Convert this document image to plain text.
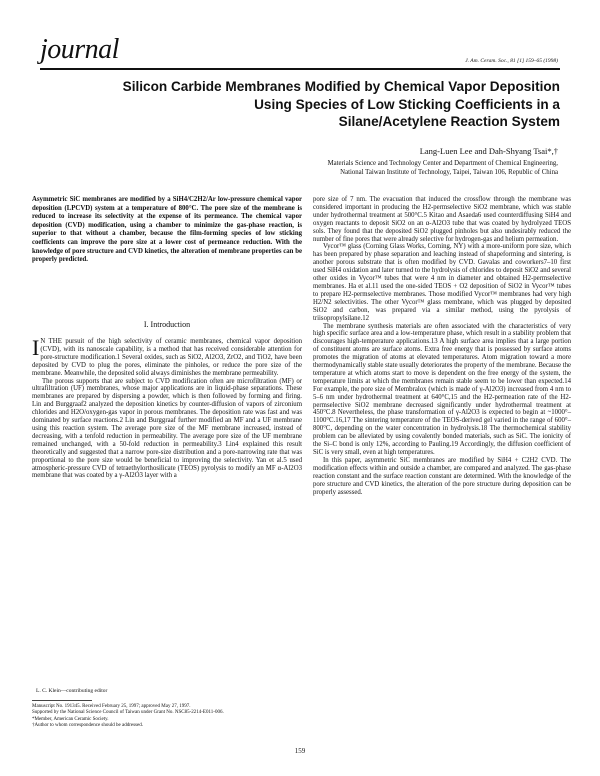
journal	J. Am. Ceram. Soc., 81 [1] 159–65 (1998)
Silicon Carbide Membranes Modified by Chemical Vapor Deposition
Using Species of Low Sticking Coefficients in a
Silane/Acetylene Reaction System
Lang-Luen Lee and Dah-Shyang Tsai*,†
Materials Science and Technology Center and Department of Chemical Engineering,
National Taiwan Institute of Technology, Taipei, Taiwan 106, Republic of China

Asymmetric SiC membranes are modified by a SiH4/C2H2/Ar low-pressure chemical vapor deposition (LPCVD) system at a temperature of 800°C. The pore size of the membrane is reduced to increase its selectivity at the expense of its permeance. The chemical vapor deposition (CVD) modification, using a chamber to minimize the gas-phase reaction, is superior to that without a chamber, because the film-forming species of low sticking coefficients can improve the pore size at a lower cost of permeance reduction. With the knowledge of pore structure and CVD kinetics, the alteration of membrane properties can be properly predicted.

I. Introduction

I N THE pursuit of the high selectivity of ceramic membranes, chemical vapor deposition (CVD), with its nanoscale capability, is a method that has received considerable attention for pore-structure modification.1 Several oxides, such as SiO2, Al2O3, ZrO2, and TiO2, have been deposited by CVD to plug the pores, eliminate the pinholes, or reduce the pore size of the membrane. Meanwhile, the deposited solid always diminishes the membrane permeability.

The porous supports that are subject to CVD modification often are microfiltration (MF) or ultrafiltration (UF) membranes, whose major applications are in liquid-phase separations. These membranes are prepared by dispersing a powder, which is then followed by forming and firing. Lin and Burggraaf2 analyzed the deposition kinetics by counter-diffusion of vapors of zirconium chlorides and H2O/oxygen-gas vapor in porous membranes. The deposition rate was fast and was dominated by surface reactions.2 Lin and Burggraaf further modified an MF and a UF membrane using this reaction system. The average pore size of the MF membrane increased, instead of decreasing, with a tenfold reduction in permeability. The average pore size of the UF membrane remained unchanged, with a 50-fold reduction in permeability.3 Lin4 explained this result theoretically and suggested that a narrow pore-size distribution and a pore-narrowing rate that was proportional to the pore size would be beneficial to improving the selectivity. Yan et al.5 used atmospheric-pressure CVD of tetraethylorthosilicate (TEOS) pyrolysis to modify an MF α-Al2O3 membrane that was coated by a γ-Al2O3 layer with a

pore size of 7 nm. The evacuation that induced the crossflow through the membrane was considered important in producing the H2-permselective SiO2 membrane, which was stable under hydrothermal treatment at 500°C.5 Kitao and Asaeda6 used counterdiffusing SiH4 and oxygen reactants to deposit SiO2 on an α-Al2O3 tube that was coated by hydrolyzed TEOS sols. They found that the deposited SiO2 plugged pinholes but also undesirably reduced the number of fine pores that were already selective for hydrogen-gas and helium permeation.

Vycor™ glass (Corning Glass Works, Corning, NY) with a more-uniform pore size, which has been prepared by phase separation and leaching instead of shapeforming and sintering, is another porous substrate that is often modified by CVD. Gavalas and coworkers7–10 first used SiH4 oxidation and later turned to the hydrolysis of chlorides to deposit SiO2 and several other oxides in Vycor™ tubes that were 4 nm in diameter and obtained H2-permselective membranes. Ha et al.11 used the one-sided TEOS + O2 deposition of SiO2 in Vycor™ tubes to prepare H2-permselective membranes. Those modified Vycor™ membranes had very high H2/N2 selectivities. The other Vycor™ glass membrane, which was plugged by deposited SiO2 and carbon, was prepared via a similar method, using the pyrolysis of triisopropylsilane.12

The membrane synthesis materials are often associated with the characteristics of very high specific surface area and a low-temperature phase, which result in a stability problem that discourages high-temperature applications.13 A high surface area implies that a large portion of constituent atoms are surface atoms. Extra free energy that is possessed by surface atoms promotes the migration of atoms at elevated temperatures. Atom migration toward a more thermodynamically stable state usually deteriorates the property of the membrane. Because the temperature at which atoms start to move is dependent on the free energy of the system, the temperature limits at which the membranes remain stable seem to be lower than expected.14 For example, the pore size of Membralox (which is made of γ-Al2O3) increased from 4 nm to 5–6 nm under hydrothermal treatment at 640°C,15 and the H2-permeation rate of the H2-permselective SiO2 membrane decreased significantly under hydrothermal treatment at 450°C.8 Nevertheless, the phase transformation of γ-Al2O3 is expected to begin at ~1000°–1100°C.16,17 The sintering temperature of the TEOS-derived gel varied in the range of 600°–800°C, depending on the water concentration in hydrolysis.18 The thermochemical stability problem can be alleviated by using covalently bonded materials, such as SiC. The ionicity of the Si–C bond is only 12%, according to Pauling.19 Accordingly, the diffusion coefficient of SiC is very small, even at high temperatures.

In this paper, asymmetric SiC membranes are modified by SiH4 + C2H2 CVD. The modification effects within and outside a chamber, are compared and analyzed. The gas-phase reaction constant and the surface reaction constant are determined. With the knowledge of the pore structure and CVD kinetics, the alteration of the pore structure during deposition can be properly assessed.

L. C. Klein—contributing editor
Manuscript No. 191345. Received February 25, 1997; approved May 27, 1997.
Supported by the National Science Council of Taiwan under Grant No. NSC85-2214-E011-006.
*Member, American Ceramic Society.
†Author to whom correspondence should be addressed.
159
